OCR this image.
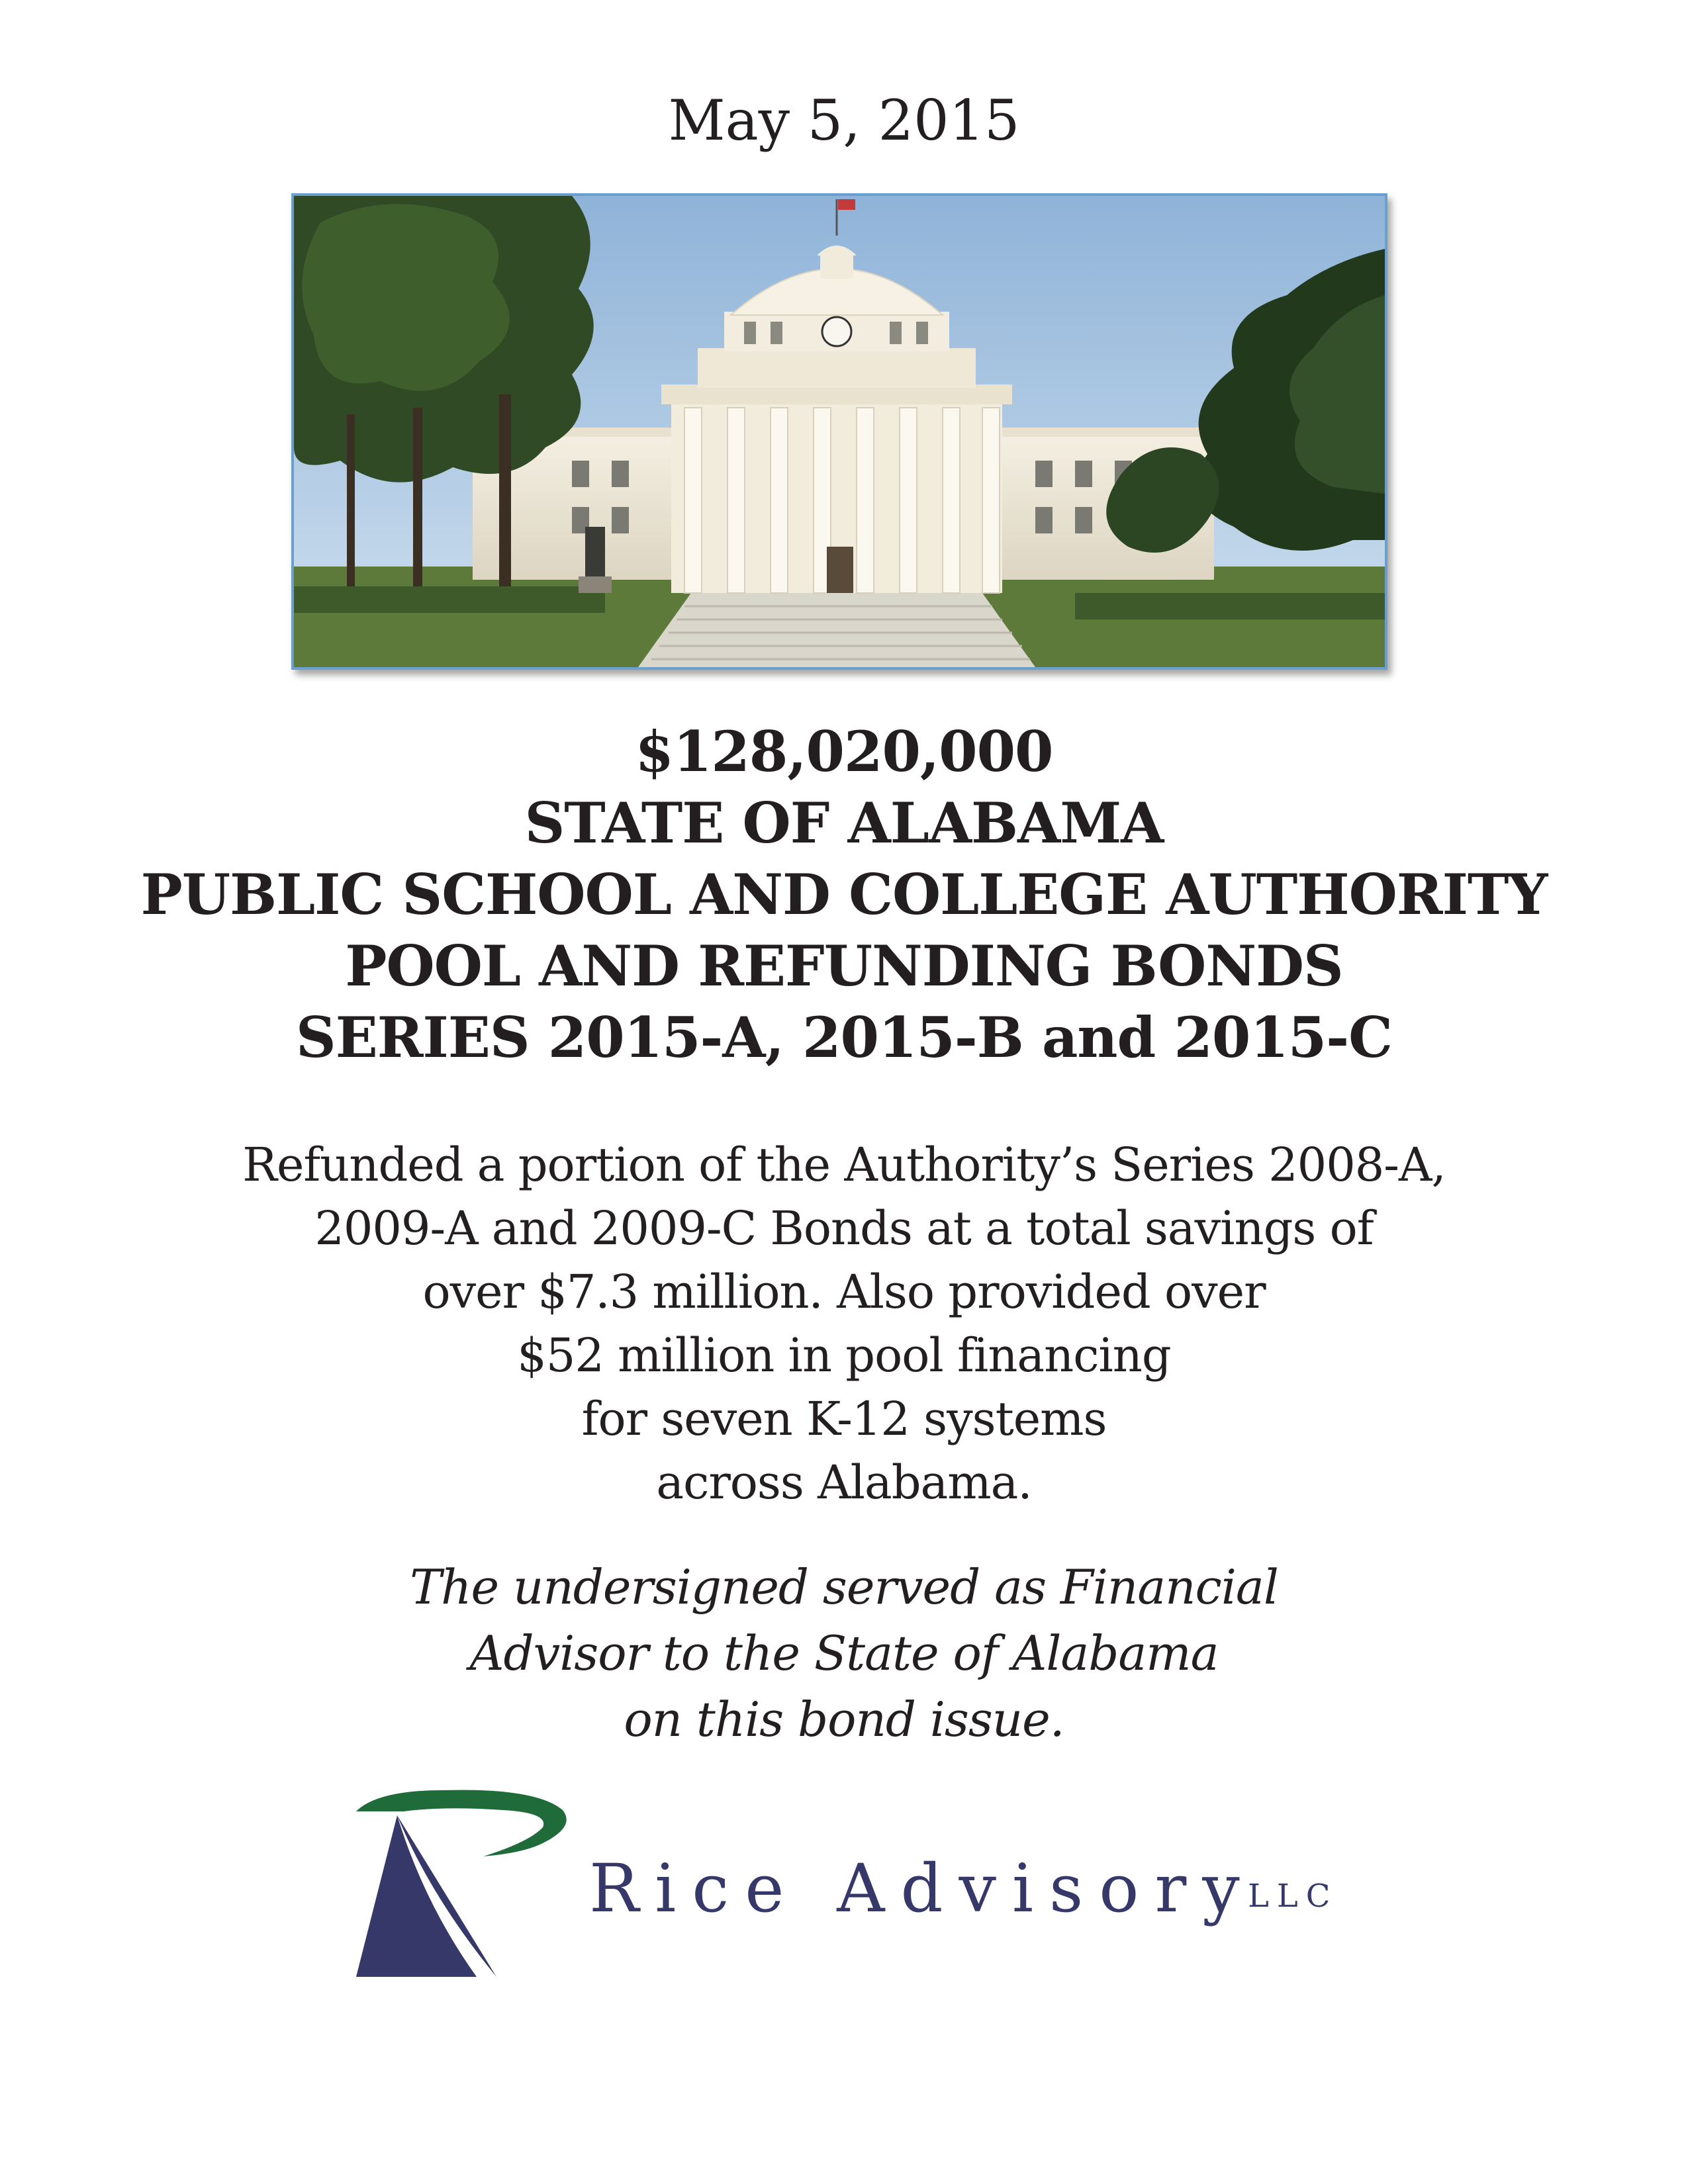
May 5, 2015
$128,020,000
STATE OF ALABAMA
PUBLIC SCHOOL AND COLLEGE AUTHORITY
POOL AND REFUNDING BONDS
SERIES 2015-A, 2015-B and 2015-C
Refunded a portion of the Authority’s Series 2008-A,
2009-A and 2009-C Bonds at a total savings of
over $7.3 million. Also provided over
$52 million in pool financing
for seven K-12 systems
across Alabama.
The undersigned served as Financial
Advisor to the State of Alabama
on this bond issue.
Rice Advisory
LLC
